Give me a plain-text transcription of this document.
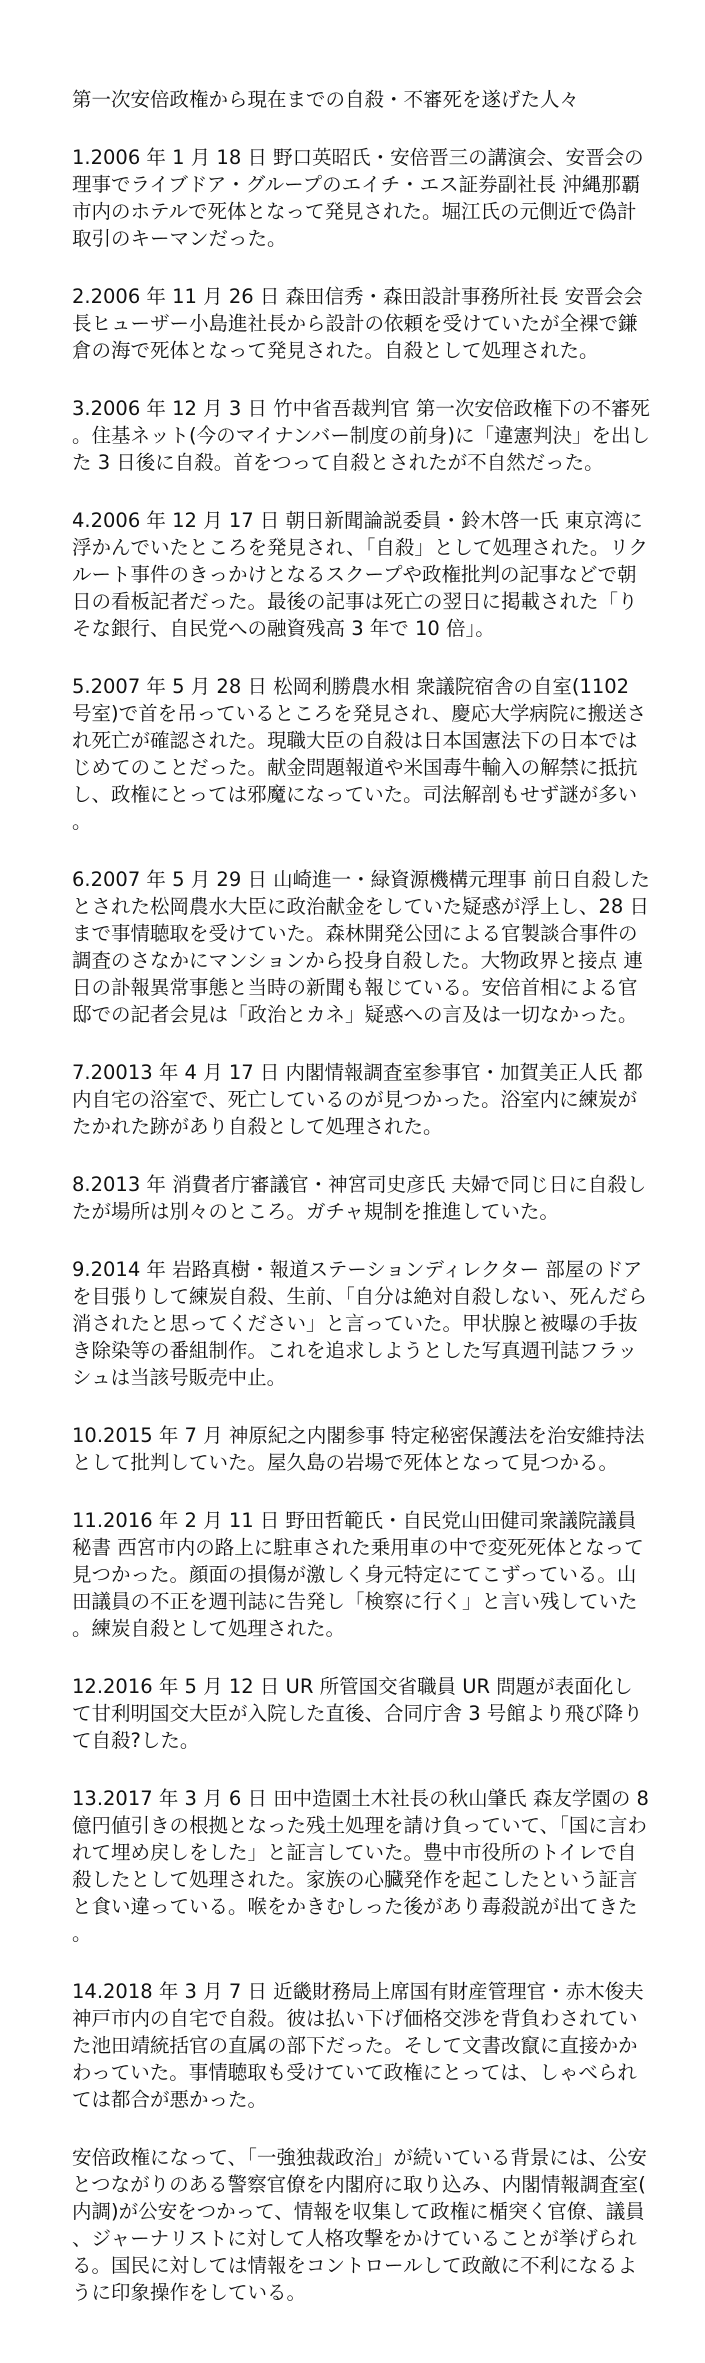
第一次安倍政権から現在までの自殺・不審死を遂げた人々

1.2006 年 1 月 18 日 野口英昭氏・安倍晋三の講演会、安晋会の理事でライブドア・グループのエイチ・エス証券副社長 沖縄那覇市内のホテルで死体となって発見された。堀江氏の元側近で偽計取引のキーマンだった。

2.2006 年 11 月 26 日 森田信秀・森田設計事務所社長 安晋会会長ヒューザー小島進社長から設計の依頼を受けていたが全裸で鎌倉の海で死体となって発見された。自殺として処理された。

3.2006 年 12 月 3 日 竹中省吾裁判官 第一次安倍政権下の不審死。住基ネット(今のマイナンバー制度の前身)に「違憲判決」を出した 3 日後に自殺。首をつって自殺とされたが不自然だった。

4.2006 年 12 月 17 日 朝日新聞論説委員・鈴木啓一氏 東京湾に浮かんでいたところを発見され、「自殺」として処理された。リクルート事件のきっかけとなるスクープや政権批判の記事などで朝日の看板記者だった。最後の記事は死亡の翌日に掲載された「りそな銀行、自民党への融資残高 3 年で 10 倍」。

5.2007 年 5 月 28 日 松岡利勝農水相 衆議院宿舎の自室(1102 号室)で首を吊っているところを発見され、慶応大学病院に搬送され死亡が確認された。現職大臣の自殺は日本国憲法下の日本ではじめてのことだった。献金問題報道や米国毒牛輸入の解禁に抵抗し、政権にとっては邪魔になっていた。司法解剖もせず謎が多い。

6.2007 年 5 月 29 日 山崎進一・緑資源機構元理事 前日自殺したとされた松岡農水大臣に政治献金をしていた疑惑が浮上し、28 日まで事情聴取を受けていた。森林開発公団による官製談合事件の調査のさなかにマンションから投身自殺した。大物政界と接点 連日の訃報異常事態と当時の新聞も報じている。安倍首相による官邸での記者会見は「政治とカネ」疑惑への言及は一切なかった。

7.20013 年 4 月 17 日 内閣情報調査室参事官・加賀美正人氏 都内自宅の浴室で、死亡しているのが見つかった。浴室内に練炭がたかれた跡があり自殺として処理された。

8.2013 年 消費者庁審議官・神宮司史彦氏 夫婦で同じ日に自殺したが場所は別々のところ。ガチャ規制を推進していた。

9.2014 年 岩路真樹・報道ステーションディレクター 部屋のドアを目張りして練炭自殺、生前、「自分は絶対自殺しない、死んだら消されたと思ってください」と言っていた。甲状腺と被曝の手抜き除染等の番組制作。これを追求しようとした写真週刊誌フラッシュは当該号販売中止。

10.2015 年 7 月 神原紀之内閣参事 特定秘密保護法を治安維持法として批判していた。屋久島の岩場で死体となって見つかる。

11.2016 年 2 月 11 日 野田哲範氏・自民党山田健司衆議院議員秘書 西宮市内の路上に駐車された乗用車の中で変死死体となって見つかった。顔面の損傷が激しく身元特定にてこずっている。山田議員の不正を週刊誌に告発し「検察に行く」と言い残していた。練炭自殺として処理された。

12.2016 年 5 月 12 日 UR 所管国交省職員 UR 問題が表面化して甘利明国交大臣が入院した直後、合同庁舎 3 号館より飛び降りて自殺?した。

13.2017 年 3 月 6 日 田中造園土木社長の秋山肇氏 森友学園の 8 億円値引きの根拠となった残土処理を請け負っていて、「国に言われて埋め戻しをした」と証言していた。豊中市役所のトイレで自殺したとして処理された。家族の心臓発作を起こしたという証言と食い違っている。喉をかきむしった後があり毒殺説が出てきた。

14.2018 年 3 月 7 日 近畿財務局上席国有財産管理官・赤木俊夫 神戸市内の自宅で自殺。彼は払い下げ価格交渉を背負わされていた池田靖統括官の直属の部下だった。そして文書改竄に直接かかわっていた。事情聴取も受けていて政権にとっては、しゃべられては都合が悪かった。

安倍政権になって、「一強独裁政治」が続いている背景には、公安とつながりのある警察官僚を内閣府に取り込み、内閣情報調査室(内調)が公安をつかって、情報を収集して政権に楯突く官僚、議員、ジャーナリストに対して人格攻撃をかけていることが挙げられる。国民に対しては情報をコントロールして政敵に不利になるように印象操作をしている。
